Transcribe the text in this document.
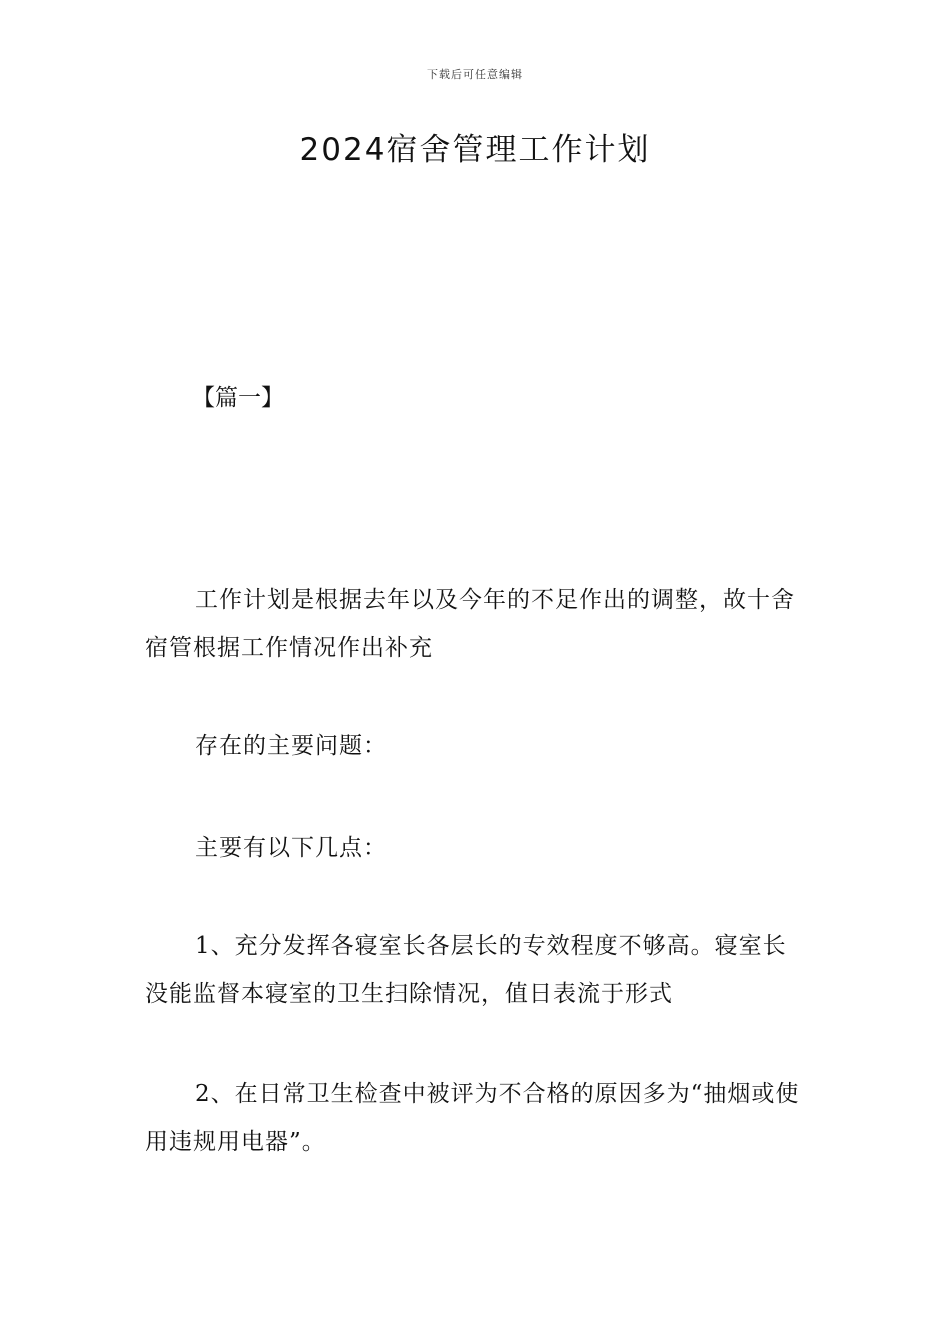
下载后可任意编辑
2024宿舍管理工作计划

【篇一】

工作计划是根据去年以及今年的不足作出的调整，故十舍宿管根据工作情况作出补充

存在的主要问题：

主要有以下几点：

1、充分发挥各寝室长各层长的专效程度不够高。寝室长没能监督本寝室的卫生扫除情况，值日表流于形式

2、在日常卫生检查中被评为不合格的原因多为“抽烟或使用违规用电器”。
